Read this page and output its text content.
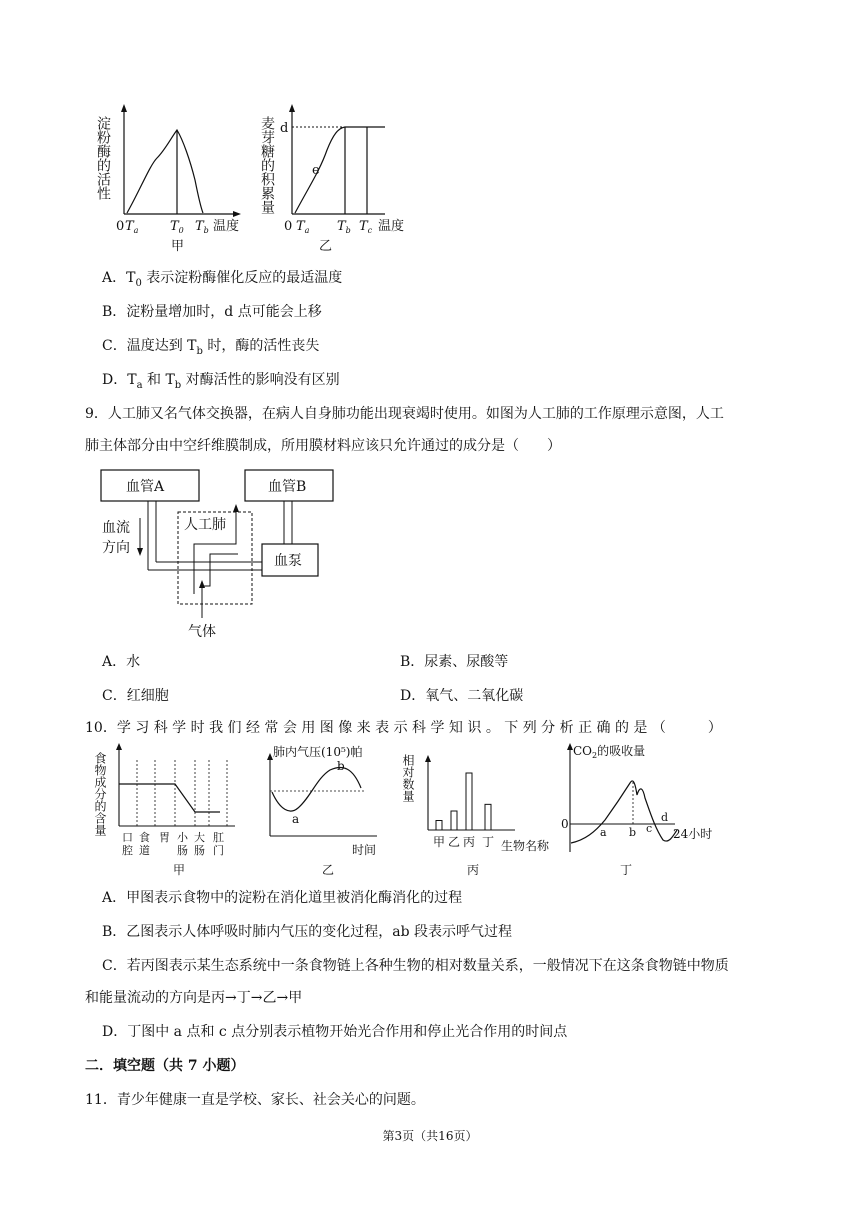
淀粉酶的活性
0 $T_a$ $T_0$ $T_b$ 温度
甲
麦芽糖的积累量 d
e
0 $T_a$ $T_b$ $T_c$ 温度
乙
A．$T_0$ 表示淀粉酶催化反应的最适温度
B．淀粉量增加时，d 点可能会上移
C．温度达到 $T_b$ 时，酶的活性丧失
D．$T_a$ 和 $T_b$ 对酶活性的影响没有区别
9．人工肺又名气体交换器，在病人自身肺功能出现衰竭时使用。如图为人工肺的工作原理示意图，人工
肺主体部分由中空纤维膜制成，所用膜材料应该只允许通过的成分是（　　）
血管A	血管B
人工肺
血泵
气体
血流
方向
A．水	B．尿素、尿酸等
C．红细胞	D．氧气、二氧化碳
10．学 习 科 学 时 我 们 经 常 会 用 图 像 来 表 示 科 学 知 识 。 下 列 分 析 正 确 的 是 （　　　）
食物成分的含量
口
腔
食
道
胃 小
肠
大
肠
肛
门
甲
肺内气压(10⁵)帕
a
b
时间
乙
相对数量
甲 乙 丙 丁 生物名称
丙
$CO_2$的吸收量
0
a b c
d
24小时
丁
A．甲图表示食物中的淀粉在消化道里被消化酶消化的过程
B．乙图表示人体呼吸时肺内气压的变化过程，ab 段表示呼气过程
C．若丙图表示某生态系统中一条食物链上各种生物的相对数量关系，一般情况下在这条食物链中物质
和能量流动的方向是丙→丁→乙→甲
D．丁图中 a 点和 c 点分别表示植物开始光合作用和停止光合作用的时间点
二．填空题（共 7 小题）
11．青少年健康一直是学校、家长、社会关心的问题。
第3页（共16页）
